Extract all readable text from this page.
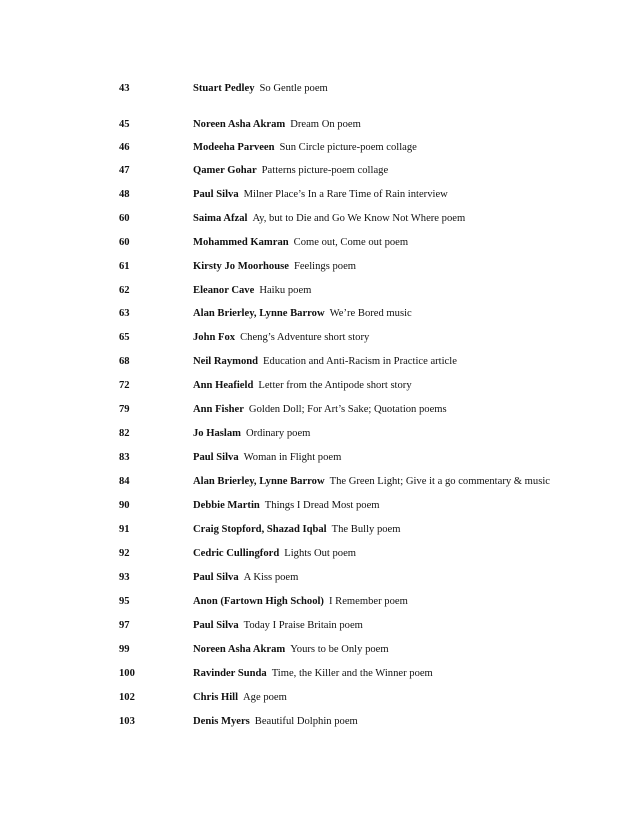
43	Stuart Pedley So Gentle poem
45	Noreen Asha Akram Dream On poem
46	Modeeha Parveen Sun Circle picture-poem collage
47	Qamer Gohar Patterns picture-poem collage
48	Paul Silva Milner Place’s In a Rare Time of Rain interview
60	Saima Afzal Ay, but to Die and Go We Know Not Where poem
60	Mohammed Kamran Come out, Come out poem
61	Kirsty Jo Moorhouse Feelings poem
62	Eleanor Cave Haiku poem
63	Alan Brierley, Lynne Barrow We’re Bored music
65	John Fox Cheng’s Adventure short story
68	Neil Raymond Education and Anti-Racism in Practice article
72	Ann Heafield Letter from the Antipode short story
79	Ann Fisher Golden Doll; For Art’s Sake; Quotation poems
82	Jo Haslam Ordinary poem
83	Paul Silva Woman in Flight poem
84	Alan Brierley, Lynne Barrow The Green Light; Give it a go commentary & music
90	Debbie Martin Things I Dread Most poem
91	Craig Stopford, Shazad Iqbal The Bully poem
92	Cedric Cullingford Lights Out poem
93	Paul Silva A Kiss poem
95	Anon (Fartown High School) I Remember poem
97	Paul Silva Today I Praise Britain poem
99	Noreen Asha Akram Yours to be Only poem
100	Ravinder Sunda Time, the Killer and the Winner poem
102	Chris Hill Age poem
103	Denis Myers Beautiful Dolphin poem
